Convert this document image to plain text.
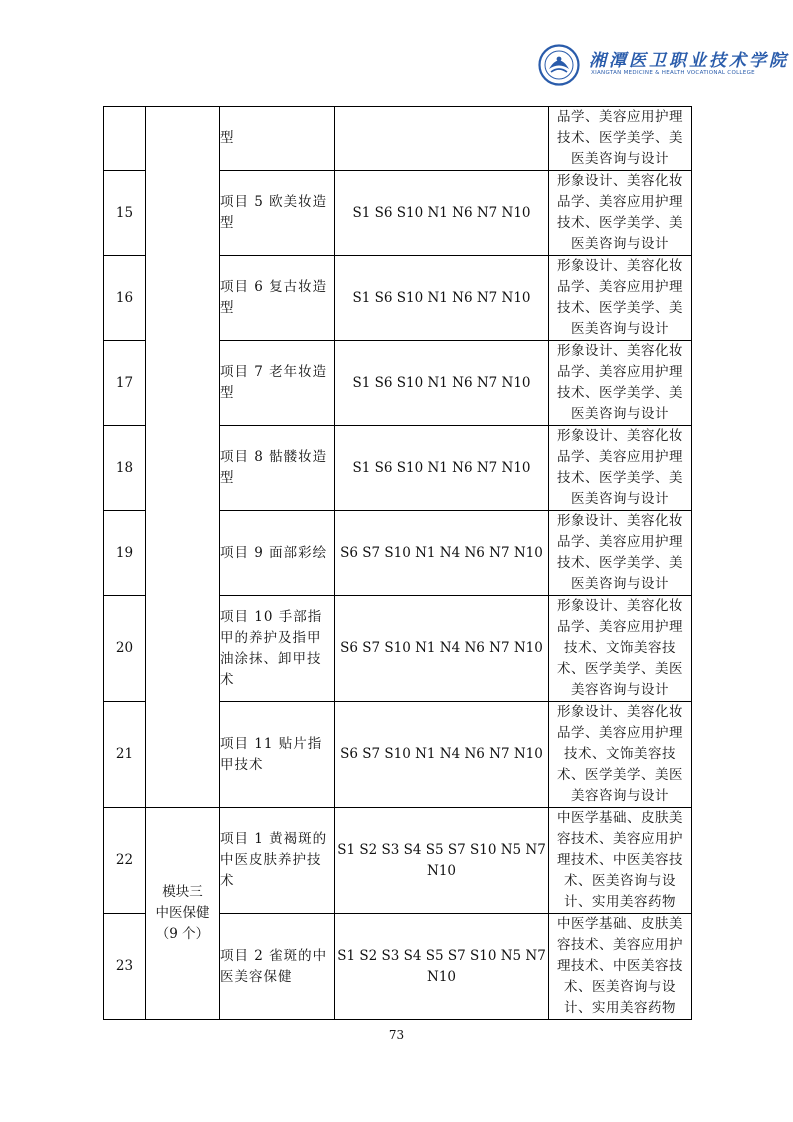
湘潭医卫职业技术学院
XIANGTAN MEDICINE & HEALTH VOCATIONAL COLLEGE

		型		品学、美容应用护理
技术、医学美学、美
医美咨询与设计

15		项目 5 欧美妆造
型	S1 S6 S10 N1 N6 N7 N10	形象设计、美容化妆
品学、美容应用护理
技术、医学美学、美
医美咨询与设计

16		项目 6 复古妆造
型	S1 S6 S10 N1 N6 N7 N10	形象设计、美容化妆
品学、美容应用护理
技术、医学美学、美
医美咨询与设计

17		项目 7 老年妆造
型	S1 S6 S10 N1 N6 N7 N10	形象设计、美容化妆
品学、美容应用护理
技术、医学美学、美
医美咨询与设计

18		项目 8 骷髅妆造
型	S1 S6 S10 N1 N6 N7 N10	形象设计、美容化妆
品学、美容应用护理
技术、医学美学、美
医美咨询与设计

19		项目 9 面部彩绘	S6 S7 S10 N1 N4 N6 N7 N10	形象设计、美容化妆
品学、美容应用护理
技术、医学美学、美
医美咨询与设计

20		项目 10 手部指
甲的养护及指甲
油涂抹、卸甲技
术	S6 S7 S10 N1 N4 N6 N7 N10	形象设计、美容化妆
品学、美容应用护理
技术、文饰美容技
术、医学美学、美医
美容咨询与设计

21		项目 11 贴片指
甲技术	S6 S7 S10 N1 N4 N6 N7 N10	形象设计、美容化妆
品学、美容应用护理
技术、文饰美容技
术、医学美学、美医
美容咨询与设计

22	模块三
中医保健
（9 个）	项目 1 黄褐斑的
中医皮肤养护技
术	S1 S2 S3 S4 S5 S7 S10 N5 N7
N10	中医学基础、皮肤美
容技术、美容应用护
理技术、中医美容技
术、医美咨询与设
计、实用美容药物

23		项目 2 雀斑的中
医美容保健	S1 S2 S3 S4 S5 S7 S10 N5 N7
N10	中医学基础、皮肤美
容技术、美容应用护
理技术、中医美容技
术、医美咨询与设
计、实用美容药物
73
